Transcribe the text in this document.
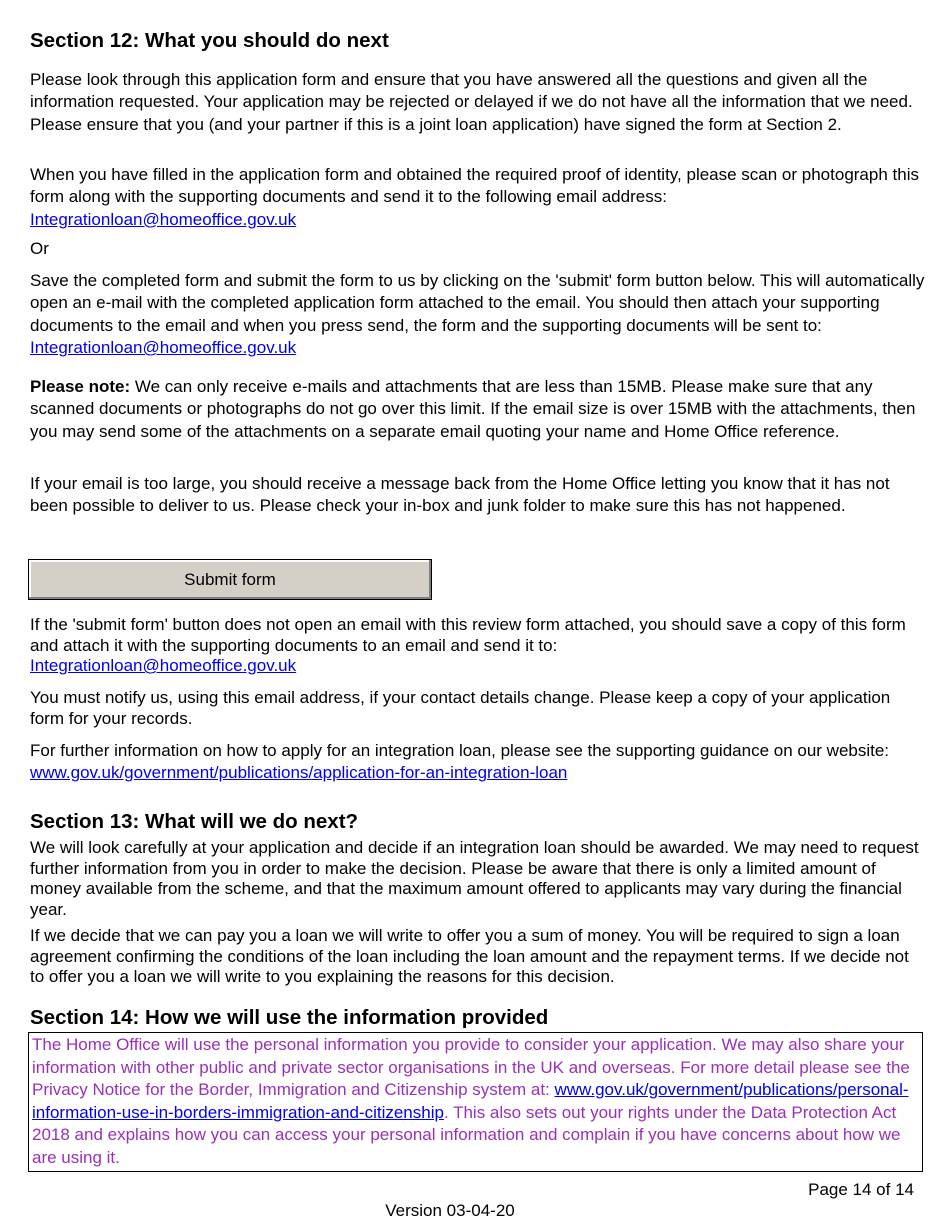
Section 12: What you should do next

Please look through this application form and ensure that you have answered all the questions and given all the information requested. Your application may be rejected or delayed if we do not have all the information that we need. Please ensure that you (and your partner if this is a joint loan application) have signed the form at Section 2.

When you have filled in the application form and obtained the required proof of identity, please scan or photograph this form along with the supporting documents and send it to the following email address:

Integrationloan@homeoffice.gov.uk

Or

Save the completed form and submit the form to us by clicking on the 'submit' form button below. This will automatically open an e-mail with the completed application form attached to the email. You should then attach your supporting documents to the email and when you press send, the form and the supporting documents will be sent to: Integrationloan@homeoffice.gov.uk

Please note: We can only receive e-mails and attachments that are less than 15MB. Please make sure that any scanned documents or photographs do not go over this limit. If the email size is over 15MB with the attachments, then you may send some of the attachments on a separate email quoting your name and Home Office reference.

If your email is too large, you should receive a message back from the Home Office letting you know that it has not been possible to deliver to us. Please check your in-box and junk folder to make sure this has not happened.

Submit form

If the 'submit form' button does not open an email with this review form attached, you should save a copy of this form and attach it with the supporting documents to an email and send it to:

Integrationloan@homeoffice.gov.uk

You must notify us, using this email address, if your contact details change. Please keep a copy of your application form for your records.

For further information on how to apply for an integration loan, please see the supporting guidance on our website: www.gov.uk/government/publications/application-for-an-integration-loan

Section 13: What will we do next?

We will look carefully at your application and decide if an integration loan should be awarded. We may need to request further information from you in order to make the decision. Please be aware that there is only a limited amount of money available from the scheme, and that the maximum amount offered to applicants may vary during the financial year.

If we decide that we can pay you a loan we will write to offer you a sum of money. You will be required to sign a loan agreement confirming the conditions of the loan including the loan amount and the repayment terms. If we decide not to offer you a loan we will write to you explaining the reasons for this decision.

Section 14: How we will use the information provided
The Home Office will use the personal information you provide to consider your application. We may also share your information with other public and private sector organisations in the UK and overseas. For more detail please see the Privacy Notice for the Border, Immigration and Citizenship system at: www.gov.uk/government/publications/personal-information-use-in-borders-immigration-and-citizenship. This also sets out your rights under the Data Protection Act 2018 and explains how you can access your personal information and complain if you have concerns about how we are using it.
Page 14 of 14
Version 03-04-20
